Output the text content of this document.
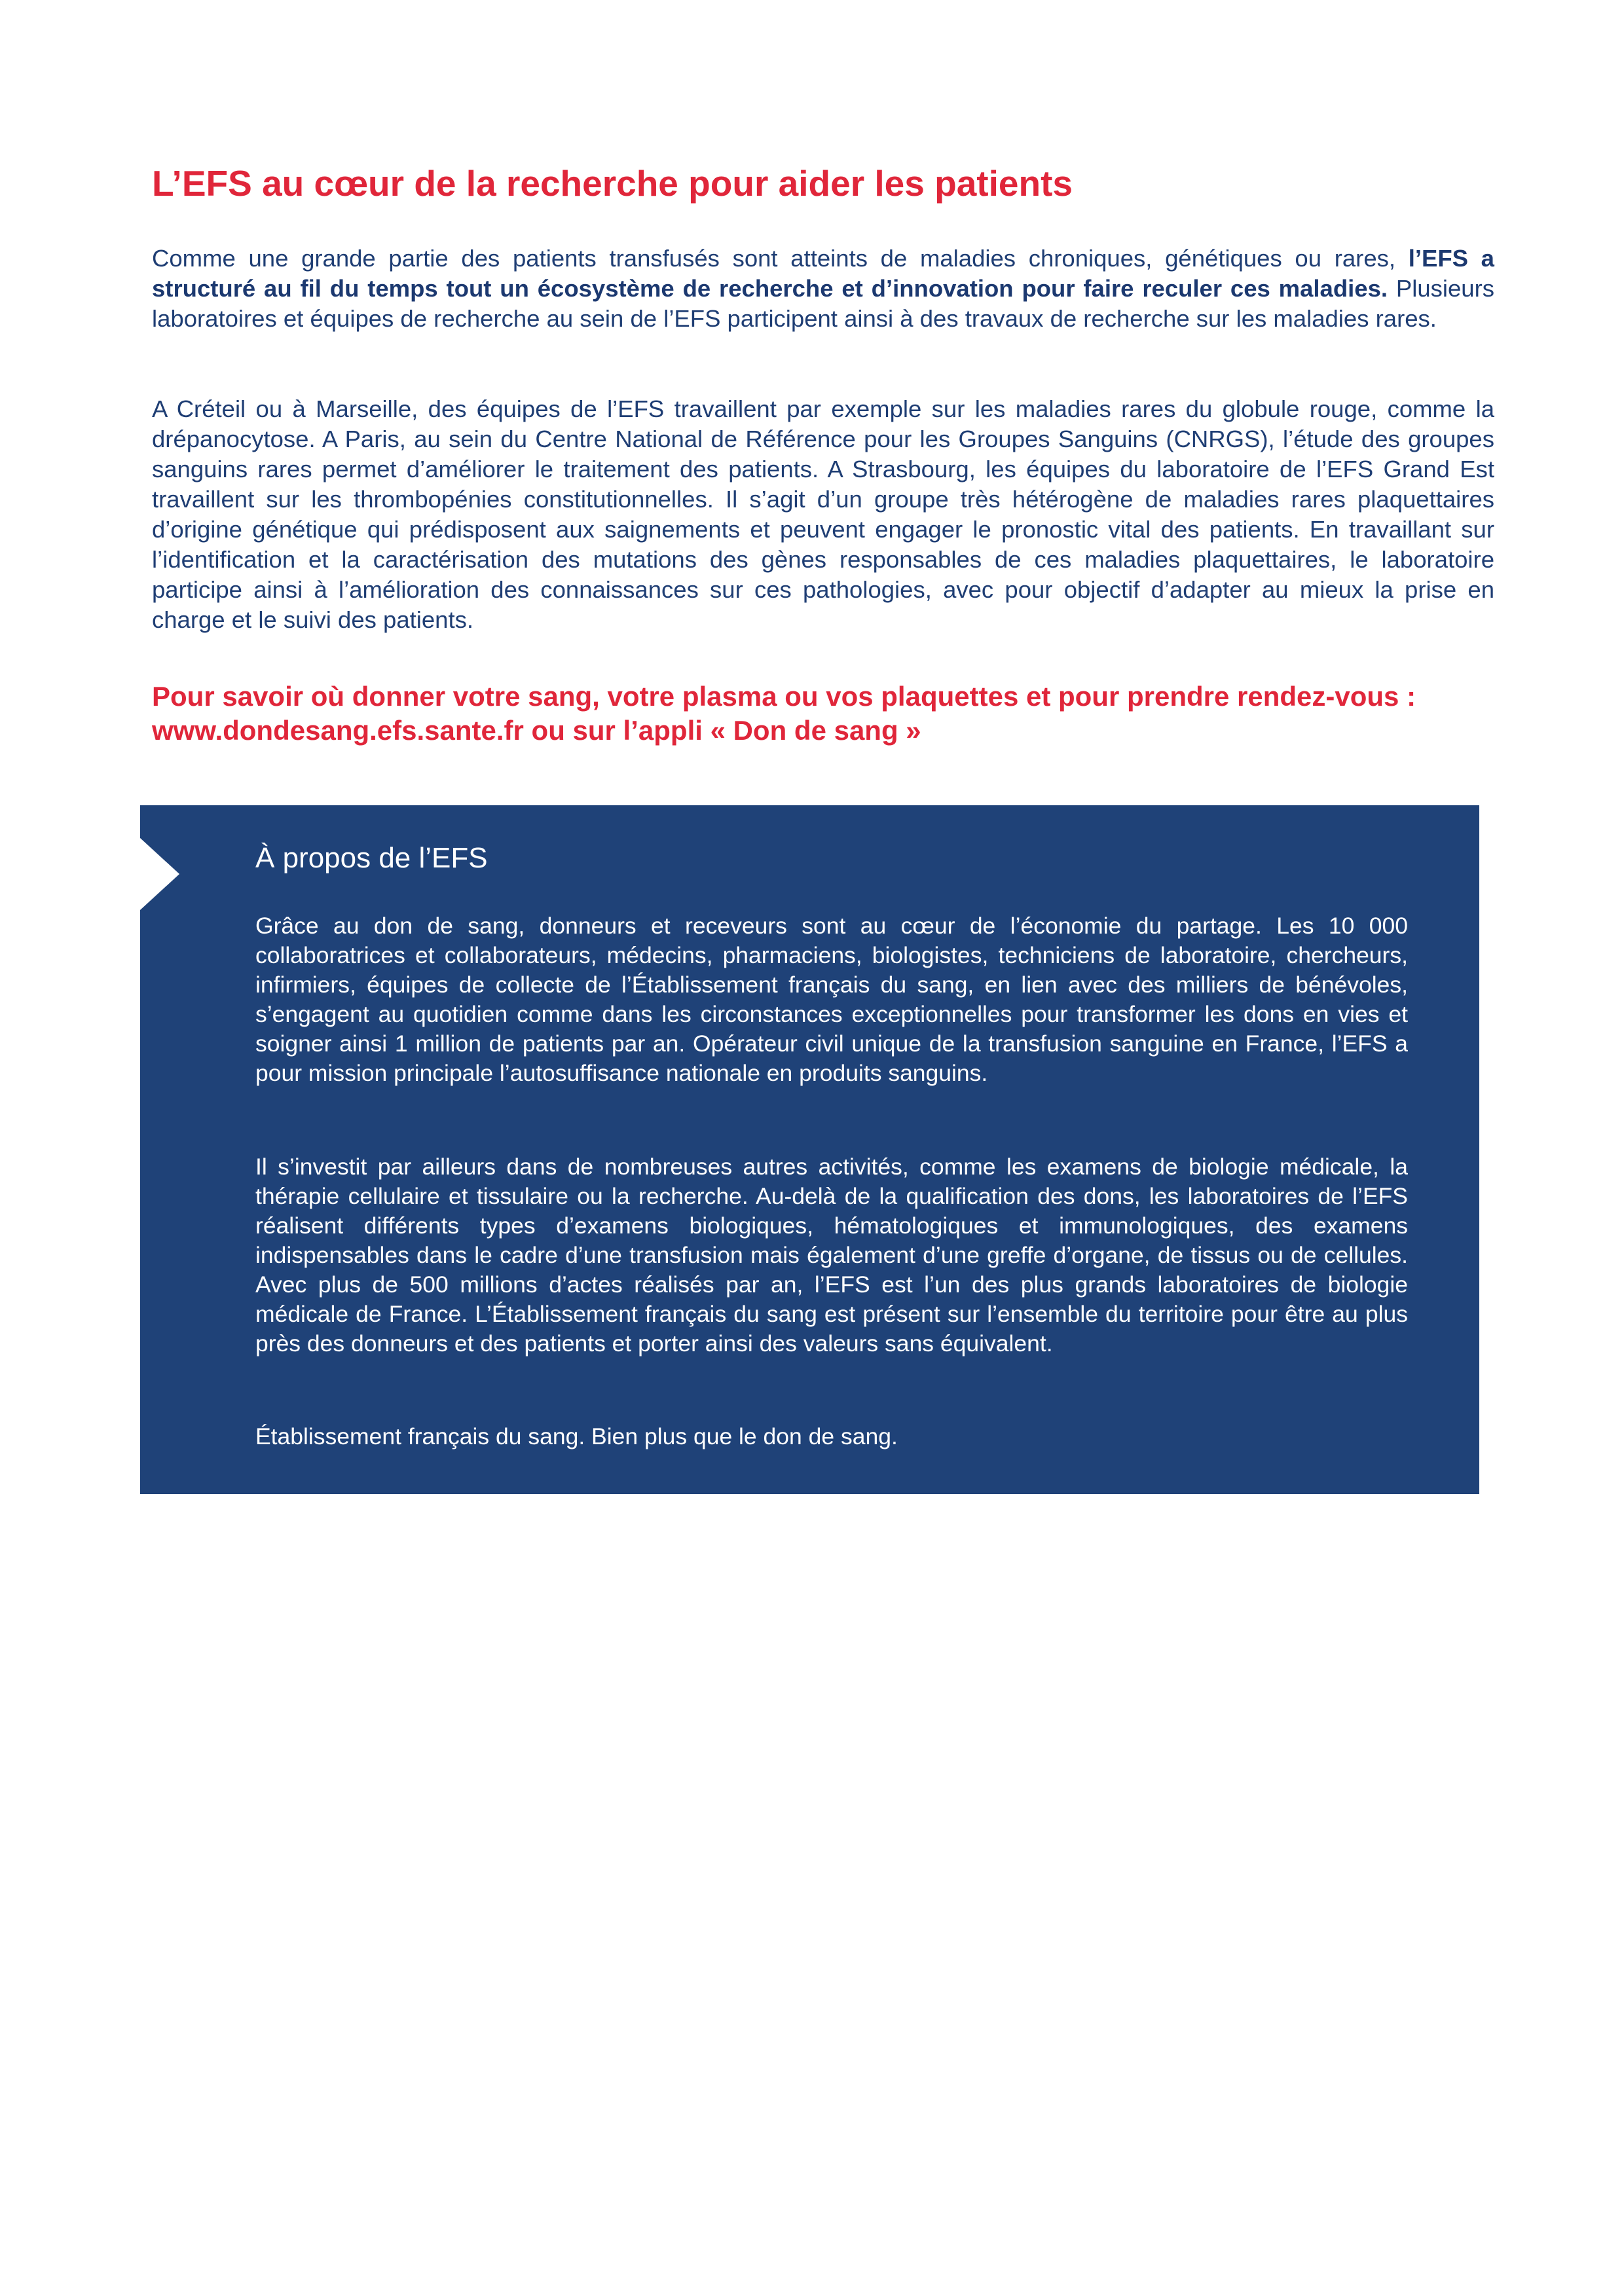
L’EFS au cœur de la recherche pour aider les patients

Comme une grande partie des patients transfusés sont atteints de maladies chroniques, génétiques ou rares, l’EFS a structuré au fil du temps tout un écosystème de recherche et d’innovation pour faire reculer ces maladies. Plusieurs laboratoires et équipes de recherche au sein de l’EFS participent ainsi à des travaux de recherche sur les maladies rares.

A Créteil ou à Marseille, des équipes de l’EFS travaillent par exemple sur les maladies rares du globule rouge, comme la drépanocytose. A Paris, au sein du Centre National de Référence pour les Groupes Sanguins (CNRGS), l’étude des groupes sanguins rares permet d’améliorer le traitement des patients. A Strasbourg, les équipes du laboratoire de l’EFS Grand Est travaillent sur les thrombopénies constitutionnelles. Il s’agit d’un groupe très hétérogène de maladies rares plaquettaires d’origine génétique qui prédisposent aux saignements et peuvent engager le pronostic vital des patients. En travaillant sur l’identification et la caractérisation des mutations des gènes responsables de ces maladies plaquettaires, le laboratoire participe ainsi à l’amélioration des connaissances sur ces pathologies, avec pour objectif d’adapter au mieux la prise en charge et le suivi des patients.

Pour savoir où donner votre sang, votre plasma ou vos plaquettes et pour prendre rendez-vous : www.dondesang.efs.sante.fr ou sur l’appli « Don de sang »

À propos de l’EFS

Grâce au don de sang, donneurs et receveurs sont au cœur de l’économie du partage. Les 10 000 collaboratrices et collaborateurs, médecins, pharmaciens, biologistes, techniciens de laboratoire, chercheurs, infirmiers, équipes de collecte de l’Établissement français du sang, en lien avec des milliers de bénévoles, s’engagent au quotidien comme dans les circonstances exceptionnelles pour transformer les dons en vies et soigner ainsi 1 million de patients par an. Opérateur civil unique de la transfusion sanguine en France, l’EFS a pour mission principale l’autosuffisance nationale en produits sanguins.

Il s’investit par ailleurs dans de nombreuses autres activités, comme les examens de biologie médicale, la thérapie cellulaire et tissulaire ou la recherche. Au-delà de la qualification des dons, les laboratoires de l’EFS réalisent différents types d’examens biologiques, hématologiques et immunologiques, des examens indispensables dans le cadre d’une transfusion mais également d’une greffe d’organe, de tissus ou de cellules. Avec plus de 500 millions d’actes réalisés par an, l’EFS est l’un des plus grands laboratoires de biologie médicale de France. L’Établissement français du sang est présent sur l’ensemble du territoire pour être au plus près des donneurs et des patients et porter ainsi des valeurs sans équivalent.

Établissement français du sang. Bien plus que le don de sang.
